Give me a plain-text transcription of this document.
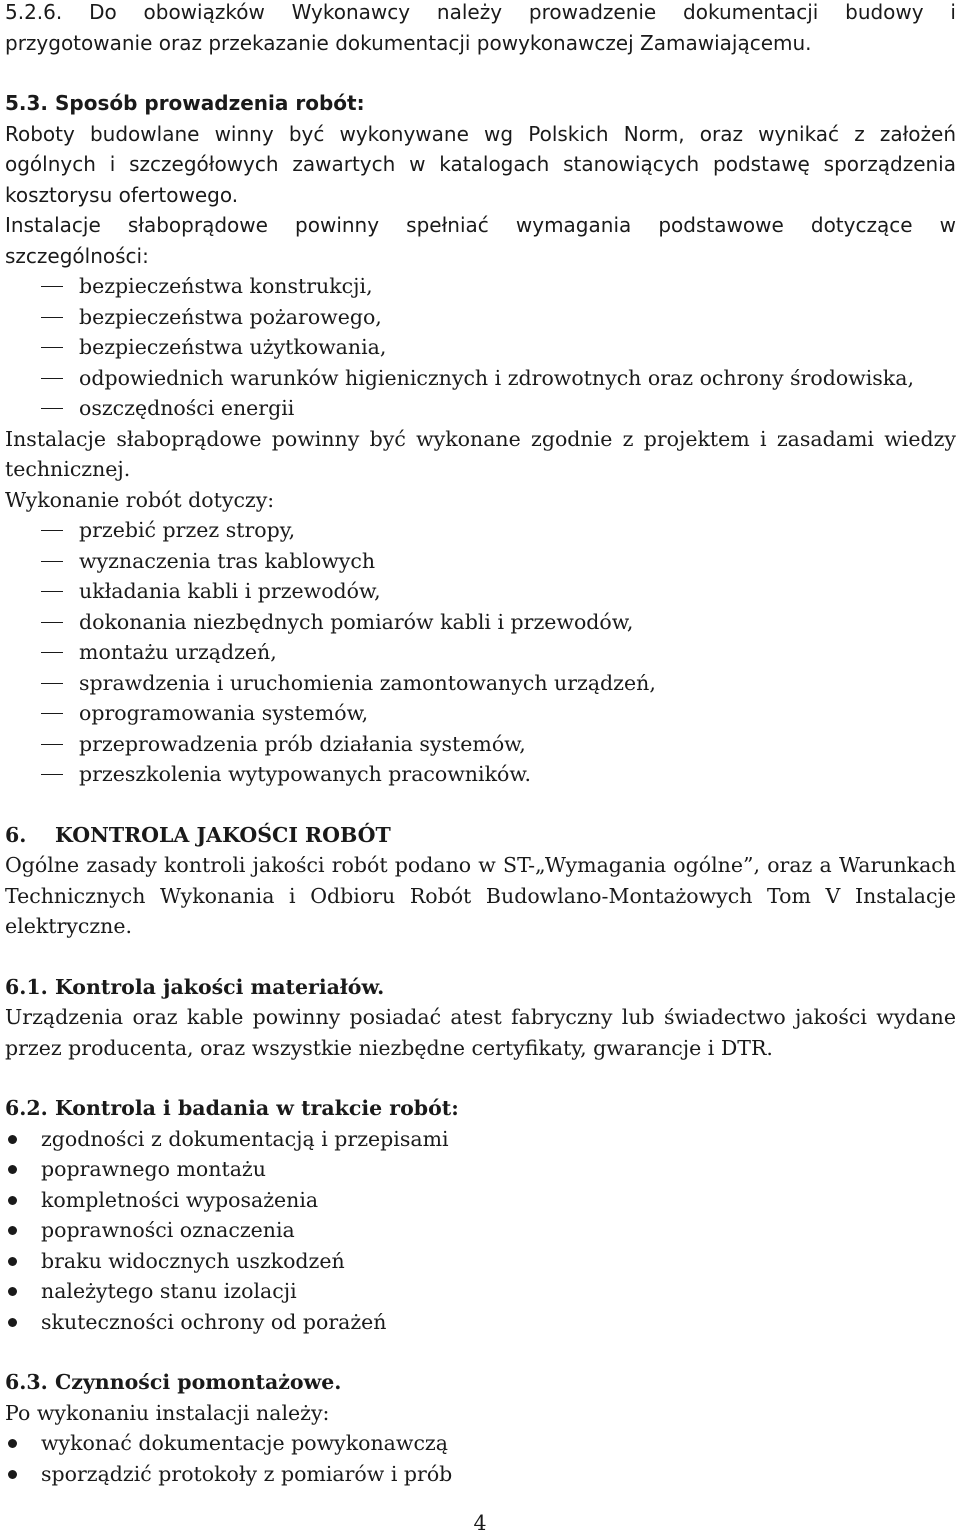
5.2.6. Do obowiązków Wykonawcy należy prowadzenie dokumentacji budowy i

przygotowanie oraz przekazanie dokumentacji powykonawczej Zamawiającemu.

5.3. Sposób prowadzenia robót:

Roboty budowlane winny być wykonywane wg Polskich Norm, oraz wynikać z założeń ogólnych i szczegółowych zawartych w katalogach stanowiących podstawę sporządzenia kosztorysu ofertowego.

Instalacje słaboprądowe powinny spełniać wymagania podstawowe dotyczące w szczególności:

bezpieczeństwa konstrukcji,
bezpieczeństwa pożarowego,
bezpieczeństwa użytkowania,
odpowiednich warunków higienicznych i zdrowotnych oraz ochrony środowiska,
oszczędności energii

Instalacje słaboprądowe powinny być wykonane zgodnie z projektem i zasadami wiedzy technicznej.

Wykonanie robót dotyczy:

przebić przez stropy,
wyznaczenia tras kablowych
układania kabli i przewodów,
dokonania niezbędnych pomiarów kabli i przewodów,
montażu urządzeń,
sprawdzenia i uruchomienia zamontowanych urządzeń,
oprogramowania systemów,
przeprowadzenia prób działania systemów,
przeszkolenia wytypowanych pracowników.

6. KONTROLA JAKOŚCI ROBÓT

Ogólne zasady kontroli jakości robót podano w ST-„Wymagania ogólne”, oraz a Warunkach Technicznych Wykonania i Odbioru Robót Budowlano-Montażowych Tom V Instalacje elektryczne.

6.1. Kontrola jakości materiałów.

Urządzenia oraz kable powinny posiadać atest fabryczny lub świadectwo jakości wydane przez producenta, oraz wszystkie niezbędne certyfikaty, gwarancje i DTR.

6.2. Kontrola i badania w trakcie robót:

zgodności z dokumentacją i przepisami
poprawnego montażu
kompletności wyposażenia
poprawności oznaczenia
braku widocznych uszkodzeń
należytego stanu izolacji
skuteczności ochrony od porażeń

6.3. Czynności pomontażowe.

Po wykonaniu instalacji należy:

wykonać dokumentacje powykonawczą
sporządzić protokoły z pomiarów i prób
4
